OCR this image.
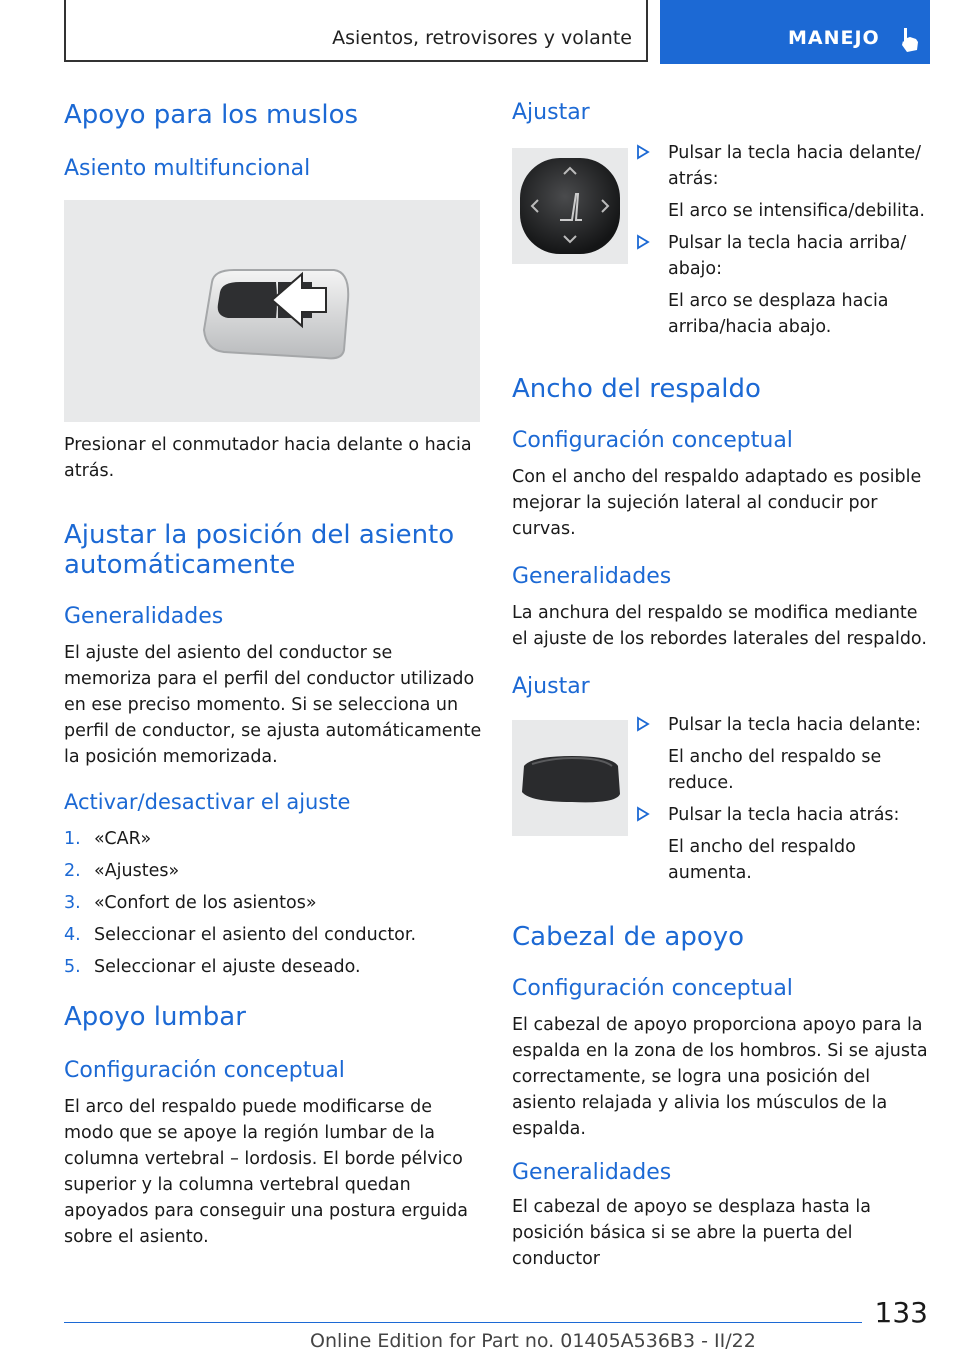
Asientos, retrovisores y volante	MANEJO
Apoyo para los muslos
Asiento multifuncional

Presionar el conmutador hacia delante o hacia atrás.

Ajustar la posición del asiento
automáticamente
Generalidades

El ajuste del asiento del conductor se memoriza para el perfil del conductor utilizado en ese preciso momento. Si se selecciona un perfil de conductor, se ajusta automáticamente la posición memorizada.

Activar/desactivar el ajuste
1. «CAR»
2. «Ajustes»
3. «Confort de los asientos»
4. Seleccionar el asiento del conductor.
5. Seleccionar el ajuste deseado.
Apoyo lumbar
Configuración conceptual

El arco del respaldo puede modificarse de modo que se apoye la región lumbar de la columna vertebral – lordosis. El borde pélvico superior y la columna vertebral quedan apoyados para conseguir una postura erguida sobre el asiento.

Ajustar
Pulsar la tecla hacia delante/ atrás:
El arco se intensifica/debilita.
Pulsar la tecla hacia arriba/ abajo:
El arco se desplaza hacia arriba/hacia abajo.
Ancho del respaldo
Configuración conceptual

Con el ancho del respaldo adaptado es posible mejorar la sujeción lateral al conducir por curvas.

Generalidades

La anchura del respaldo se modifica mediante el ajuste de los rebordes laterales del respaldo.

Ajustar
Pulsar la tecla hacia delante:
El ancho del respaldo se reduce.
Pulsar la tecla hacia atrás:
El ancho del respaldo aumenta.
Cabezal de apoyo
Configuración conceptual

El cabezal de apoyo proporciona apoyo para la espalda en la zona de los hombros. Si se ajusta correctamente, se logra una posición del asiento relajada y alivia los músculos de la espalda.

Generalidades

El cabezal de apoyo se desplaza hasta la posición básica si se abre la puerta del conductor

133
Online Edition for Part no. 01405A536B3 - II/22
